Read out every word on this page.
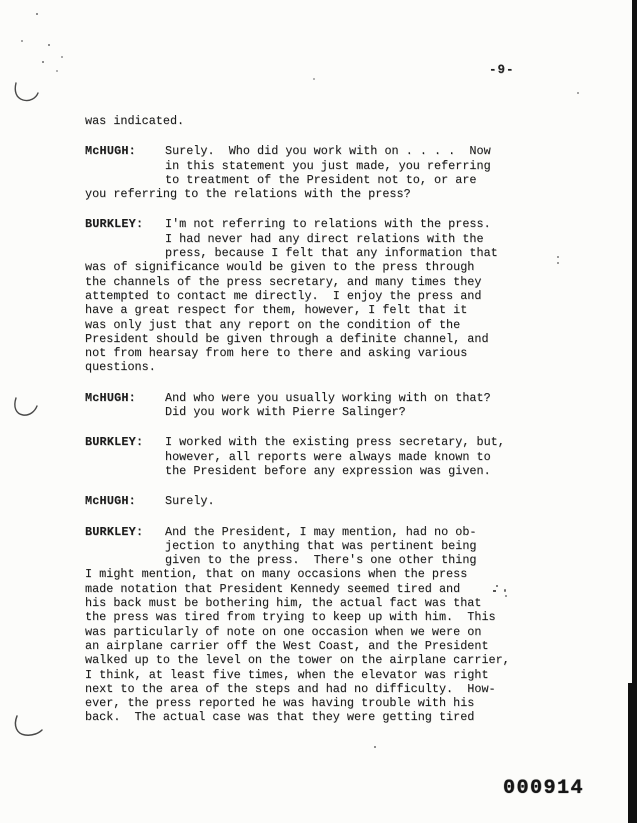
-9-
was indicated.
McHUGH: Surely.  Who did you work with on . . . .  Now
in this statement you just made, you referring
to treatment of the President not to, or are
you referring to the relations with the press?
BURKLEY: I'm not referring to relations with the press.
I had never had any direct relations with the
press, because I felt that any information that
was of significance would be given to the press through
the channels of the press secretary, and many times they
attempted to contact me directly.  I enjoy the press and
have a great respect for them, however, I felt that it
was only just that any report on the condition of the
President should be given through a definite channel, and
not from hearsay from here to there and asking various
questions.
McHUGH: And who were you usually working with on that?
Did you work with Pierre Salinger?
BURKLEY: I worked with the existing press secretary, but,
however, all reports were always made known to
the President before any expression was given.
McHUGH: Surely.
BURKLEY: And the President, I may mention, had no ob-
jection to anything that was pertinent being
given to the press.  There's one other thing
I might mention, that on many occasions when the press
made notation that President Kennedy seemed tired and
his back must be bothering him, the actual fact was that
the press was tired from trying to keep up with him.  This
was particularly of note on one occasion when we were on
an airplane carrier off the West Coast, and the President
walked up to the level on the tower on the airplane carrier,
I think, at least five times, when the elevator was right
next to the area of the steps and had no difficulty.  How-
ever, the press reported he was having trouble with his
back.  The actual case was that they were getting tired
000914
